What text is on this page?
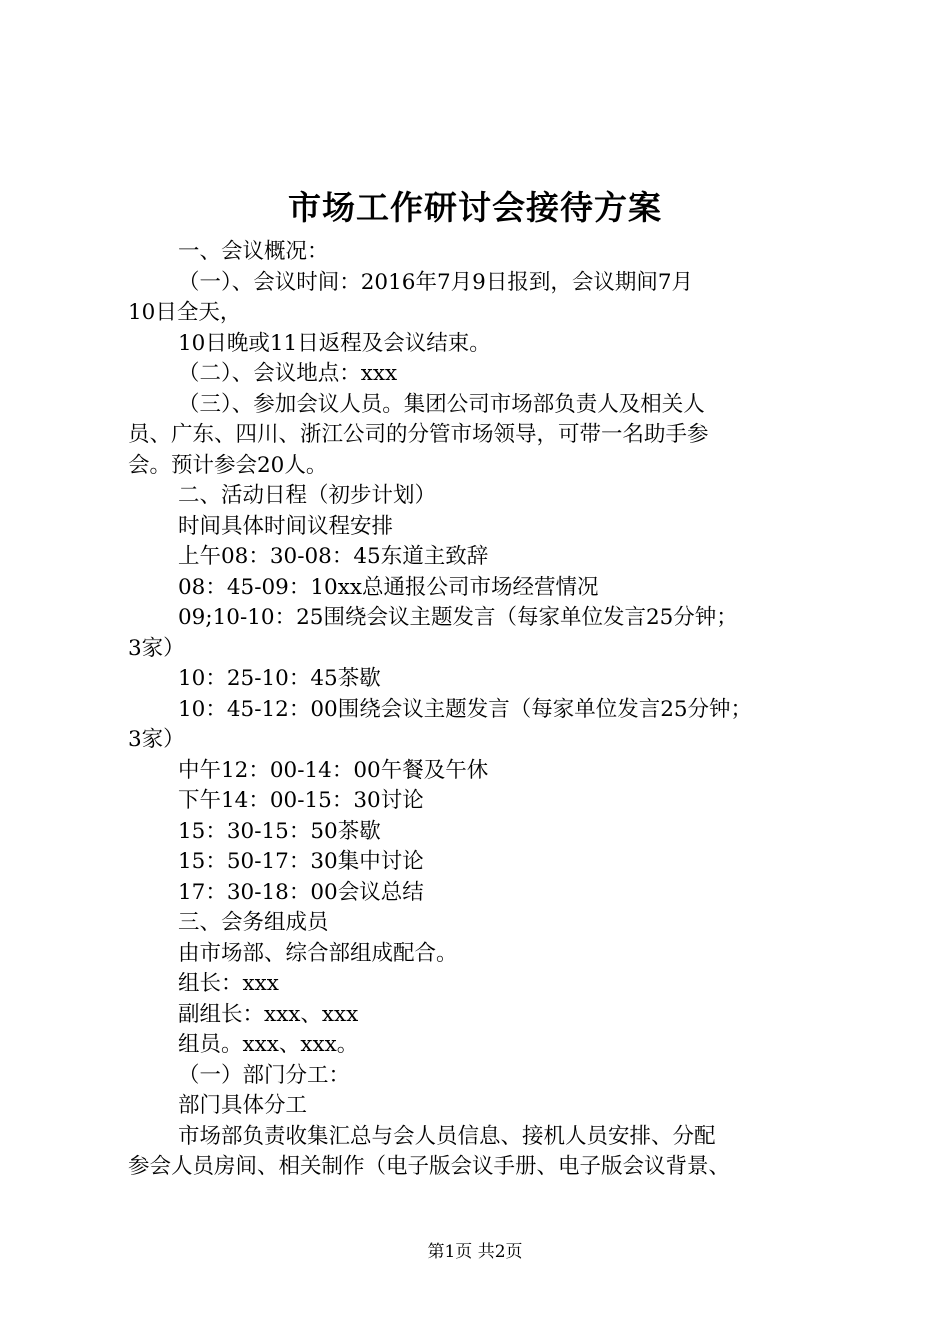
市场工作研讨会接待方案
一、会议概况：
（一）、会议时间：2016年7月9日报到，会议期间7月
10日全天，
10日晚或11日返程及会议结束。
（二）、会议地点：xxx
（三）、参加会议人员。集团公司市场部负责人及相关人
员、广东、四川、浙江公司的分管市场领导，可带一名助手参
会。预计参会20人。
二、活动日程（初步计划）
时间具体时间议程安排
上午08：30-08：45东道主致辞
08：45-09：10xx总通报公司市场经营情况
09;10-10：25围绕会议主题发言（每家单位发言25分钟；
3家）
10：25-10：45茶歇
10：45-12：00围绕会议主题发言（每家单位发言25分钟；
3家）
中午12：00-14：00午餐及午休
下午14：00-15：30讨论
15：30-15：50茶歇
15：50-17：30集中讨论
17：30-18：00会议总结
三、会务组成员
由市场部、综合部组成配合。
组长：xxx
副组长：xxx、xxx
组员。xxx、xxx。
（一）部门分工：
部门具体分工
市场部负责收集汇总与会人员信息、接机人员安排、分配
参会人员房间、相关制作（电子版会议手册、电子版会议背景、
第1页 共2页
